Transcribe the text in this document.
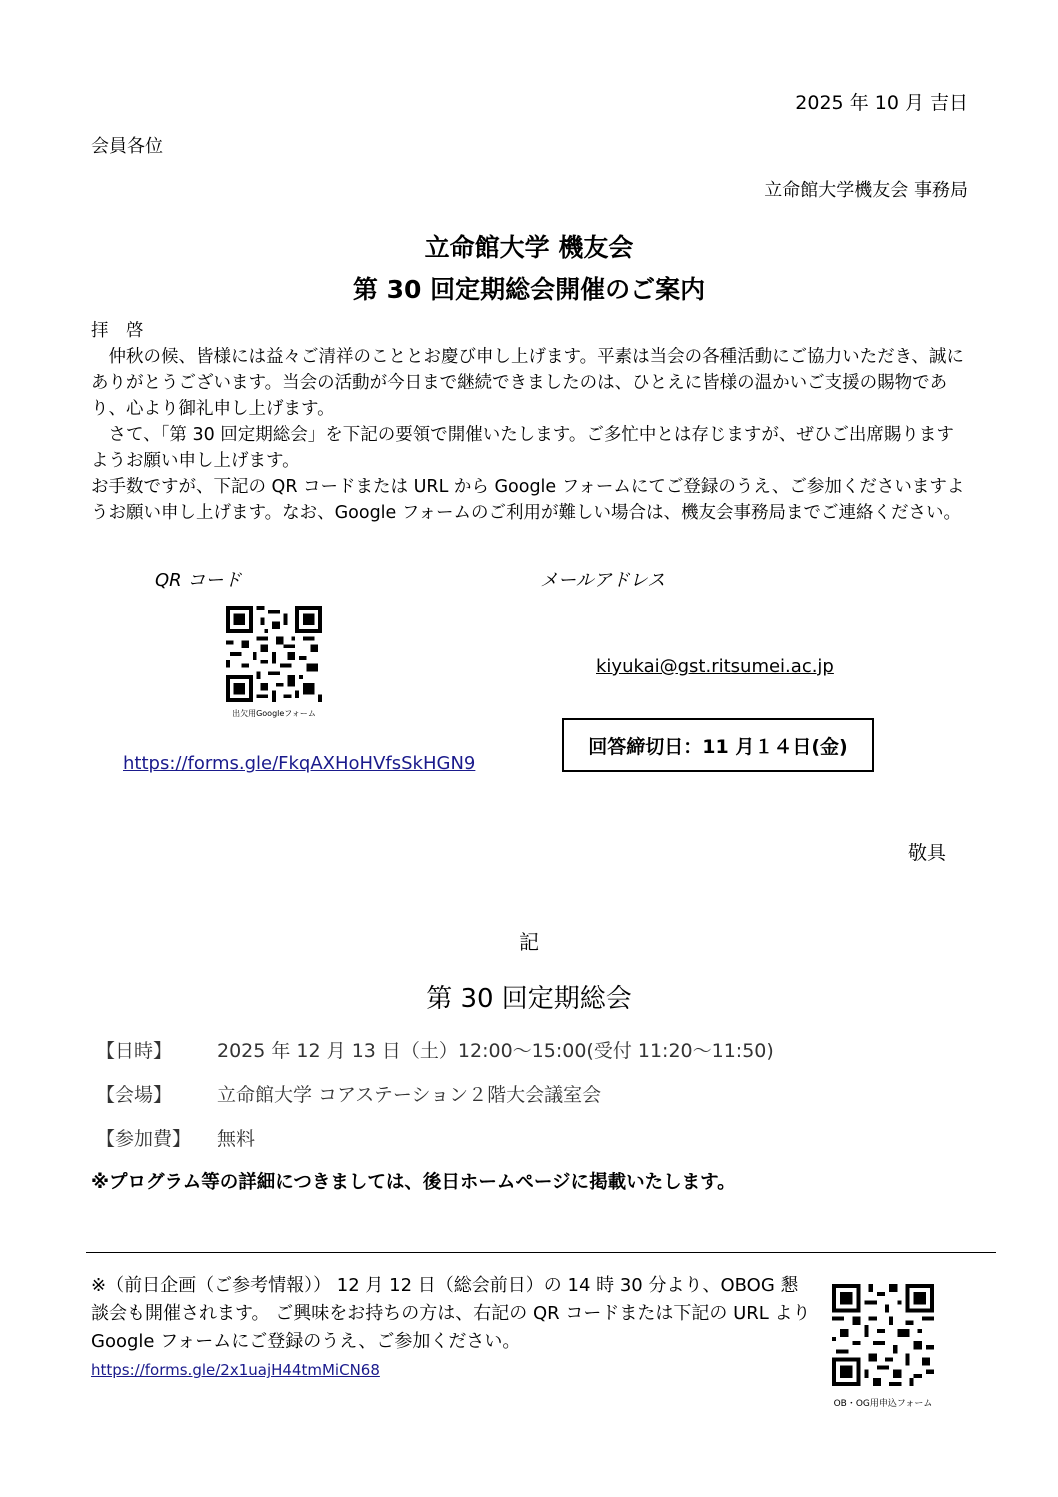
2025 年 10 月 吉日
会員各位
立命館大学機友会 事務局
立命館大学 機友会
第 30 回定期総会開催のご案内

拝　啓

　仲秋の候、皆様には益々ご清祥のこととお慶び申し上げます。平素は当会の各種活動にご協力いただき、誠にありがとうございます。当会の活動が今日まで継続できましたのは、ひとえに皆様の温かいご支援の賜物であり、心より御礼申し上げます。

　さて、「第 30 回定期総会」を下記の要領で開催いたします。ご多忙中とは存じますが、ぜひご出席賜りますようお願い申し上げます。

お手数ですが、下記の QR コードまたは URL から Google フォームにてご登録のうえ、ご参加くださいますようお願い申し上げます。なお、Google フォームのご利用が難しい場合は、機友会事務局までご連絡ください。

QR コード	メールアドレス
出欠用Googleフォーム
kiyukai@gst.ritsumei.ac.jp
https://forms.gle/FkqAXHoHVfsSkHGN9
回答締切日：11 月１４日(金)
敬具
記
第 30 回定期総会
【日時】 2025 年 12 月 13 日（土）12:00～15:00(受付 11:20～11:50)
【会場】 立命館大学 コアステーション２階大会議室会
【参加費】 無料
※プログラム等の詳細につきましては、後日ホームページに掲載いたします。
※（前日企画（ご参考情報）） 12 月 12 日（総会前日）の 14 時 30 分より、OBOG 懇談会も開催されます。 ご興味をお持ちの方は、右記の QR コードまたは下記の URL より Google フォームにご登録のうえ、ご参加ください。 https://forms.gle/2x1uajH44tmMiCN68
OB・OG用申込フォーム
